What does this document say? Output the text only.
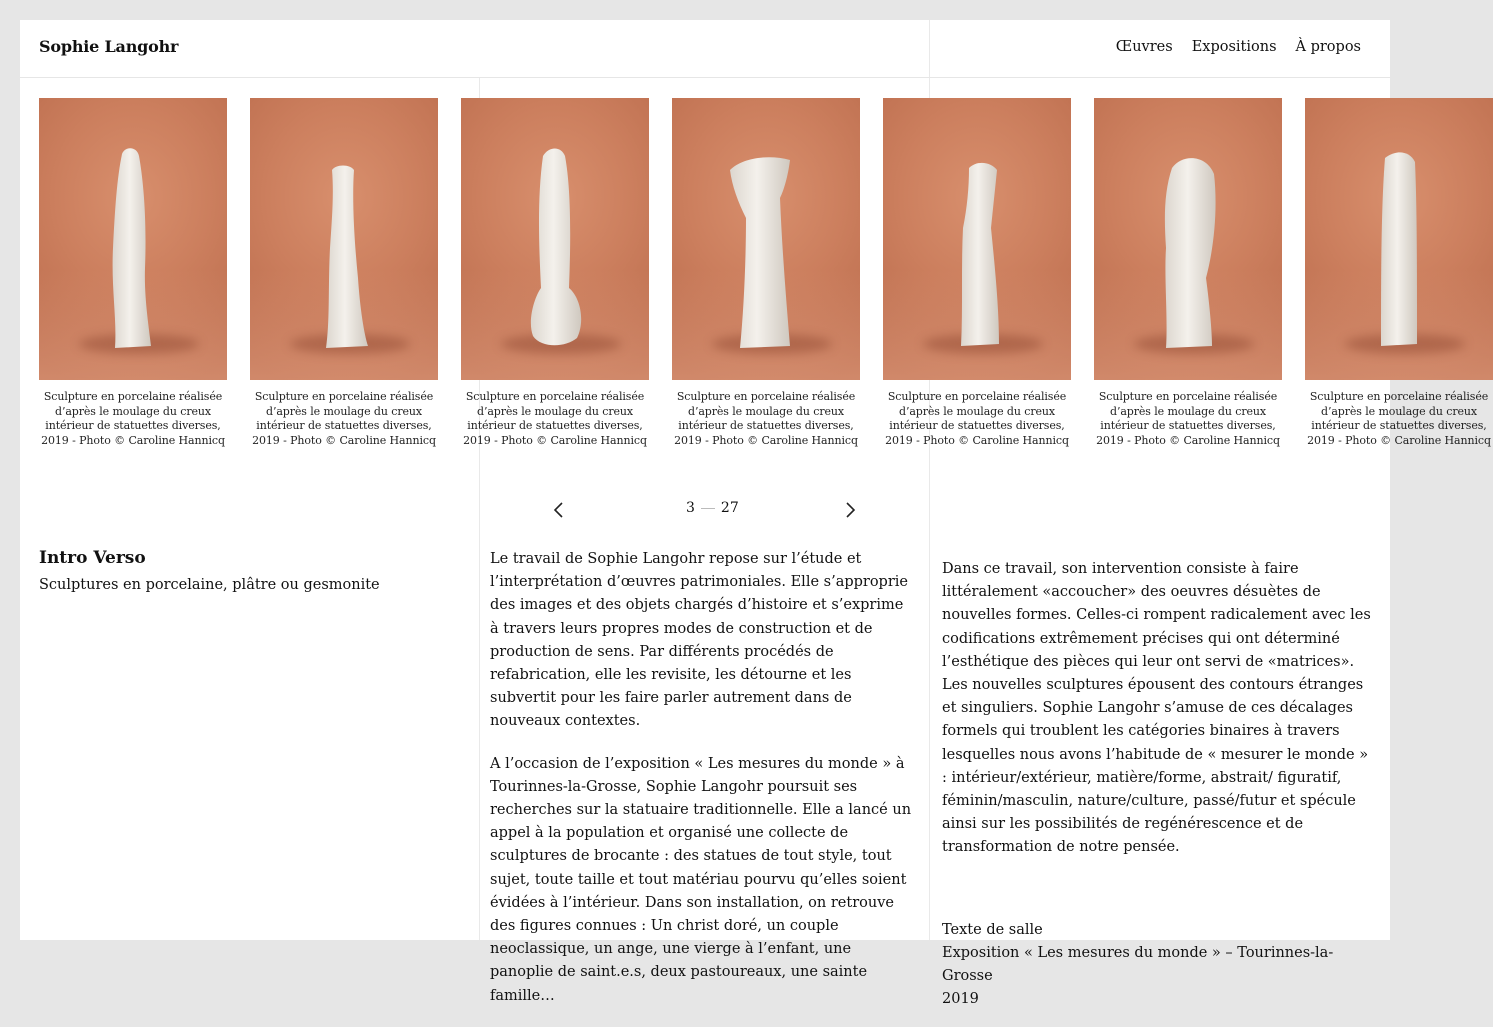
Sophie Langohr	Œuvres Expositions À propos
Sculpture en porcelaine réalisée d’après le moulage du creux intérieur de statuettes diverses, 2019 - Photo © Caroline Hannicq
Sculpture en porcelaine réalisée d’après le moulage du creux intérieur de statuettes diverses, 2019 - Photo © Caroline Hannicq
Sculpture en porcelaine réalisée d’après le moulage du creux intérieur de statuettes diverses, 2019 - Photo © Caroline Hannicq
Sculpture en porcelaine réalisée d’après le moulage du creux intérieur de statuettes diverses, 2019 - Photo © Caroline Hannicq
Sculpture en porcelaine réalisée d’après le moulage du creux intérieur de statuettes diverses, 2019 - Photo © Caroline Hannicq
Sculpture en porcelaine réalisée d’après le moulage du creux intérieur de statuettes diverses, 2019 - Photo © Caroline Hannicq
Sculpture en porcelaine réalisée d’après le moulage du creux intérieur de statuettes diverses, 2019 - Photo © Caroline Hannicq
3 27
Intro Verso

Sculptures en porcelaine, plâtre ou gesmonite

Le travail de Sophie Langohr repose sur l’étude et l’interprétation d’œuvres patrimoniales. Elle s’approprie des images et des objets chargés d’histoire et s’exprime à travers leurs propres modes de construction et de production de sens. Par différents procédés de refabrication, elle les revisite, les détourne et les subvertit pour les faire parler autrement dans de nouveaux contextes.

A l’occasion de l’exposition « Les mesures du monde » à Tourinnes-la-Grosse, Sophie Langohr poursuit ses recherches sur la statuaire traditionnelle. Elle a lancé un appel à la population et organisé une collecte de sculptures de brocante : des statues de tout style, tout sujet, toute taille et tout matériau pourvu qu’elles soient évidées à l’intérieur. Dans son installation, on retrouve des figures connues : Un christ doré, un couple neoclassique, un ange, une vierge à l’enfant, une panoplie de saint.e.s, deux pastoureaux, une sainte famille…

Dans ce travail, son intervention consiste à faire littéralement «accoucher» des oeuvres désuètes de nouvelles formes. Celles-ci rompent radicalement avec les codifications extrêmement précises qui ont déterminé l’esthétique des pièces qui leur ont servi de «matrices». Les nouvelles sculptures épousent des contours étranges et singuliers. Sophie Langohr s’amuse de ces décalages formels qui troublent les catégories binaires à travers lesquelles nous avons l’habitude de « mesurer le monde » : intérieur/extérieur, matière/forme, abstrait/ figuratif, féminin/masculin, nature/culture, passé/futur et spécule ainsi sur les possibilités de regénérescence et de transformation de notre pensée.

Texte de salle

Exposition « Les mesures du monde » – Tourinnes-la-Grosse

2019
